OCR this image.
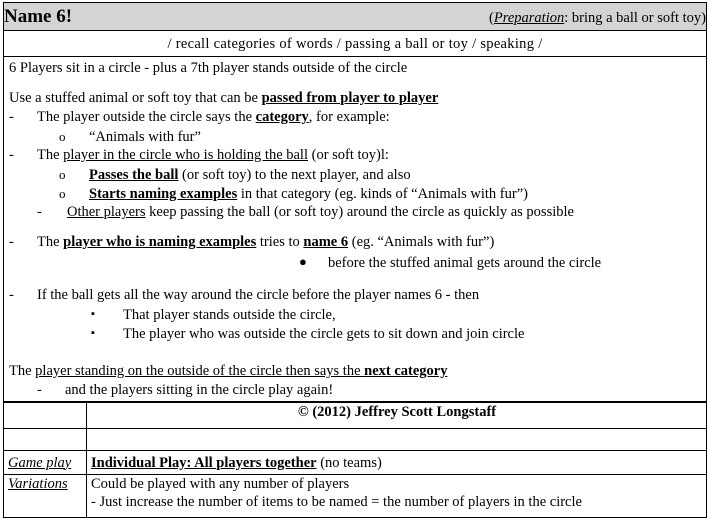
Name 6!	(Preparation: bring a ball or soft toy)

/ recall categories of words / passing a ball or toy / speaking /
6 Players sit in a circle - plus a 7th player stands outside of the circle
Use a stuffed animal or soft toy that can be passed from player to player
- The player outside the circle says the category, for example:
o “Animals with fur”
- The player in the circle who is holding the ball (or soft toy)l:
o Passes the ball (or soft toy) to the next player, and also
o Starts naming examples in that category (eg. kinds of “Animals with fur”)
- Other players keep passing the ball (or soft toy) around the circle as quickly as possible
- The player who is naming examples tries to name 6 (eg. “Animals with fur”)
● before the stuffed animal gets around the circle
- If the ball gets all the way around the circle before the player names 6 - then
▪ That player stands outside the circle,
▪ The player who was outside the circle gets to sit down and join circle
The player standing on the outside of the circle then says the next category
- and the players sitting in the circle play again!
	© (2012) Jeffrey Scott Longstaff

Game play	Individual Play: All players together (no teams)
Variations	Could be played with any number of players
- Just increase the number of items to be named = the number of players in the circle
